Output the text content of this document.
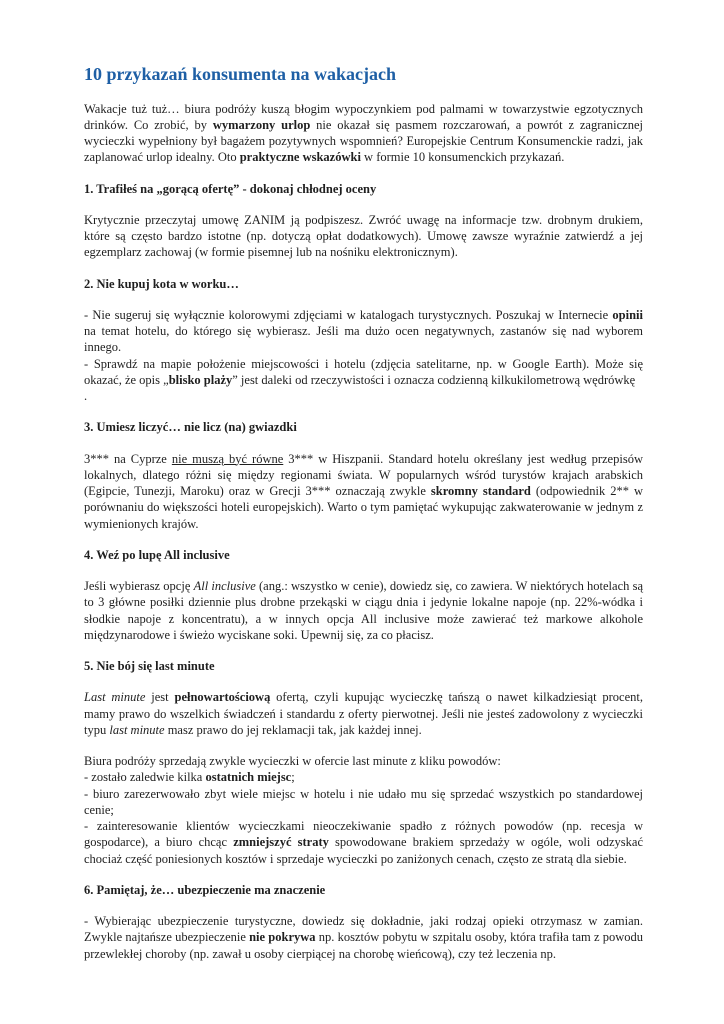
10 przykazań konsumenta na wakacjach

Wakacje tuż tuż… biura podróży kuszą błogim wypoczynkiem pod palmami w towarzystwie egzotycznych drinków. Co zrobić, by wymarzony urlop nie okazał się pasmem rozczarowań, a powrót z zagranicznej wycieczki wypełniony był bagażem pozytywnych wspomnień? Europejskie Centrum Konsumenckie radzi, jak zaplanować urlop idealny. Oto praktyczne wskazówki w formie 10 konsumenckich przykazań.

1. Trafiłeś na „gorącą ofertę” - dokonaj chłodnej oceny

Krytycznie przeczytaj umowę ZANIM ją podpiszesz. Zwróć uwagę na informacje tzw. drobnym drukiem, które są często bardzo istotne (np. dotyczą opłat dodatkowych). Umowę zawsze wyraźnie zatwierdź a jej egzemplarz zachowaj (w formie pisemnej lub na nośniku elektronicznym).

2. Nie kupuj kota w worku…

- Nie sugeruj się wyłącznie kolorowymi zdjęciami w katalogach turystycznych. Poszukaj w Internecie opinii na temat hotelu, do którego się wybierasz. Jeśli ma dużo ocen negatywnych, zastanów się nad wyborem innego.

- Sprawdź na mapie położenie miejscowości i hotelu (zdjęcia satelitarne, np. w Google Earth). Może się okazać, że opis „blisko plaży” jest daleki od rzeczywistości i oznacza codzienną kilkukilometrową wędrówkę

.

3. Umiesz liczyć… nie licz (na) gwiazdki

3*** na Cyprze nie muszą być równe 3*** w Hiszpanii. Standard hotelu określany jest według przepisów lokalnych, dlatego różni się między regionami świata. W popularnych wśród turystów krajach arabskich (Egipcie, Tunezji, Maroku) oraz w Grecji 3*** oznaczają zwykle skromny standard (odpowiednik 2** w porównaniu do większości hoteli europejskich). Warto o tym pamiętać wykupując zakwaterowanie w jednym z wymienionych krajów.

4. Weź po lupę All inclusive

Jeśli wybierasz opcję All inclusive (ang.: wszystko w cenie), dowiedz się, co zawiera. W niektórych hotelach są to 3 główne posiłki dziennie plus drobne przekąski w ciągu dnia i jedynie lokalne napoje (np. 22%-wódka i słodkie napoje z koncentratu), a w innych opcja All inclusive może zawierać też markowe alkohole międzynarodowe i świeżo wyciskane soki. Upewnij się, za co płacisz.

5. Nie bój się last minute

Last minute jest pełnowartościową ofertą, czyli kupując wycieczkę tańszą o nawet kilkadziesiąt procent, mamy prawo do wszelkich świadczeń i standardu z oferty pierwotnej. Jeśli nie jesteś zadowolony z wycieczki typu last minute masz prawo do jej reklamacji tak, jak każdej innej.

Biura podróży sprzedają zwykle wycieczki w ofercie last minute z kliku powodów:

- zostało zaledwie kilka ostatnich miejsc;

- biuro zarezerwowało zbyt wiele miejsc w hotelu i nie udało mu się sprzedać wszystkich po standardowej cenie;

- zainteresowanie klientów wycieczkami nieoczekiwanie spadło z różnych powodów (np. recesja w gospodarce), a biuro chcąc zmniejszyć straty spowodowane brakiem sprzedaży w ogóle, woli odzyskać chociaż część poniesionych kosztów i sprzedaje wycieczki po zaniżonych cenach, często ze stratą dla siebie.

6. Pamiętaj, że… ubezpieczenie ma znaczenie

- Wybierając ubezpieczenie turystyczne, dowiedz się dokładnie, jaki rodzaj opieki otrzymasz w zamian. Zwykle najtańsze ubezpieczenie nie pokrywa np. kosztów pobytu w szpitalu osoby, która trafiła tam z powodu przewlekłej choroby (np. zawał u osoby cierpiącej na chorobę wieńcową), czy też leczenia np.
